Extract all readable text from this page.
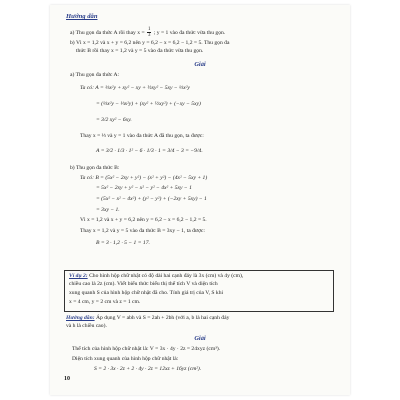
Hướng dẫn
a) Thu gọn đa thức A rồi thay $x = \frac{1}{3}$ ; y = 1 vào đa thức vừa thu gọn.
b) Vì x = 1,2 và x + y = 6,2 nên y = 6,2 − x = 6,2 − 1,2 = 5. Thu gọn đa
thức B rồi thay x = 1,2 và y = 5 vào đa thức vừa thu gọn.
Giải
a) Thu gọn đa thức A:
Ta có: A = ⅓x²y + xy² − xy + ½xy² − 5xy − ⅓x²y
= (⅓x²y − ⅓x²y) + (xy² + ½xy²) + (−xy − 5xy)
= 3/2 xy² − 6xy.
Thay x = ⅓ và y = 1 vào đa thức A đã thu gọn, ta được:
A = 3/2 · 1/3 · 1² − 6 · 1/3 · 1 = 3/4 − 3 = −9/4.
b) Thu gọn đa thức B:
Ta có: B = (5x² − 2xy + y²) − (x² + y²) − (4x² − 5xy + 1)
= 5x² − 2xy + y² − x² − y² − 4x² + 5xy − 1
= (5x² − x² − 4x²) + (y² − y²) + (−2xy + 5xy) − 1
= 3xy − 1.
Vì x = 1,2 và x + y = 6,2 nên y = 6,2 − x = 6,2 − 1,2 = 5.
Thay x = 1,2 và y = 5 vào đa thức B = 3xy − 1, ta được:
B = 3 · 1,2 · 5 − 1 = 17.
Ví dụ 2: Cho hình hộp chữ nhật có độ dài hai cạnh đáy là 3x (cm) và 4y (cm),
chiều cao là 2z (cm). Viết biểu thức biểu thị thể tích V và diện tích
xung quanh S của hình hộp chữ nhật đã cho. Tính giá trị của V, S khi
x = 4 cm, y = 2 cm và z = 1 cm.
Hướng dẫn: Áp dụng V = abh và S = 2ah + 2bh (với a, b là hai cạnh đáy
và h là chiều cao).
Giải
Thể tích của hình hộp chữ nhật là: V = 3x · 4y · 2z = 24xyz (cm³).
Diện tích xung quanh của hình hộp chữ nhật là:
S = 2 · 3x · 2z + 2 · 4y · 2z = 12xz + 16yz (cm²).
10
